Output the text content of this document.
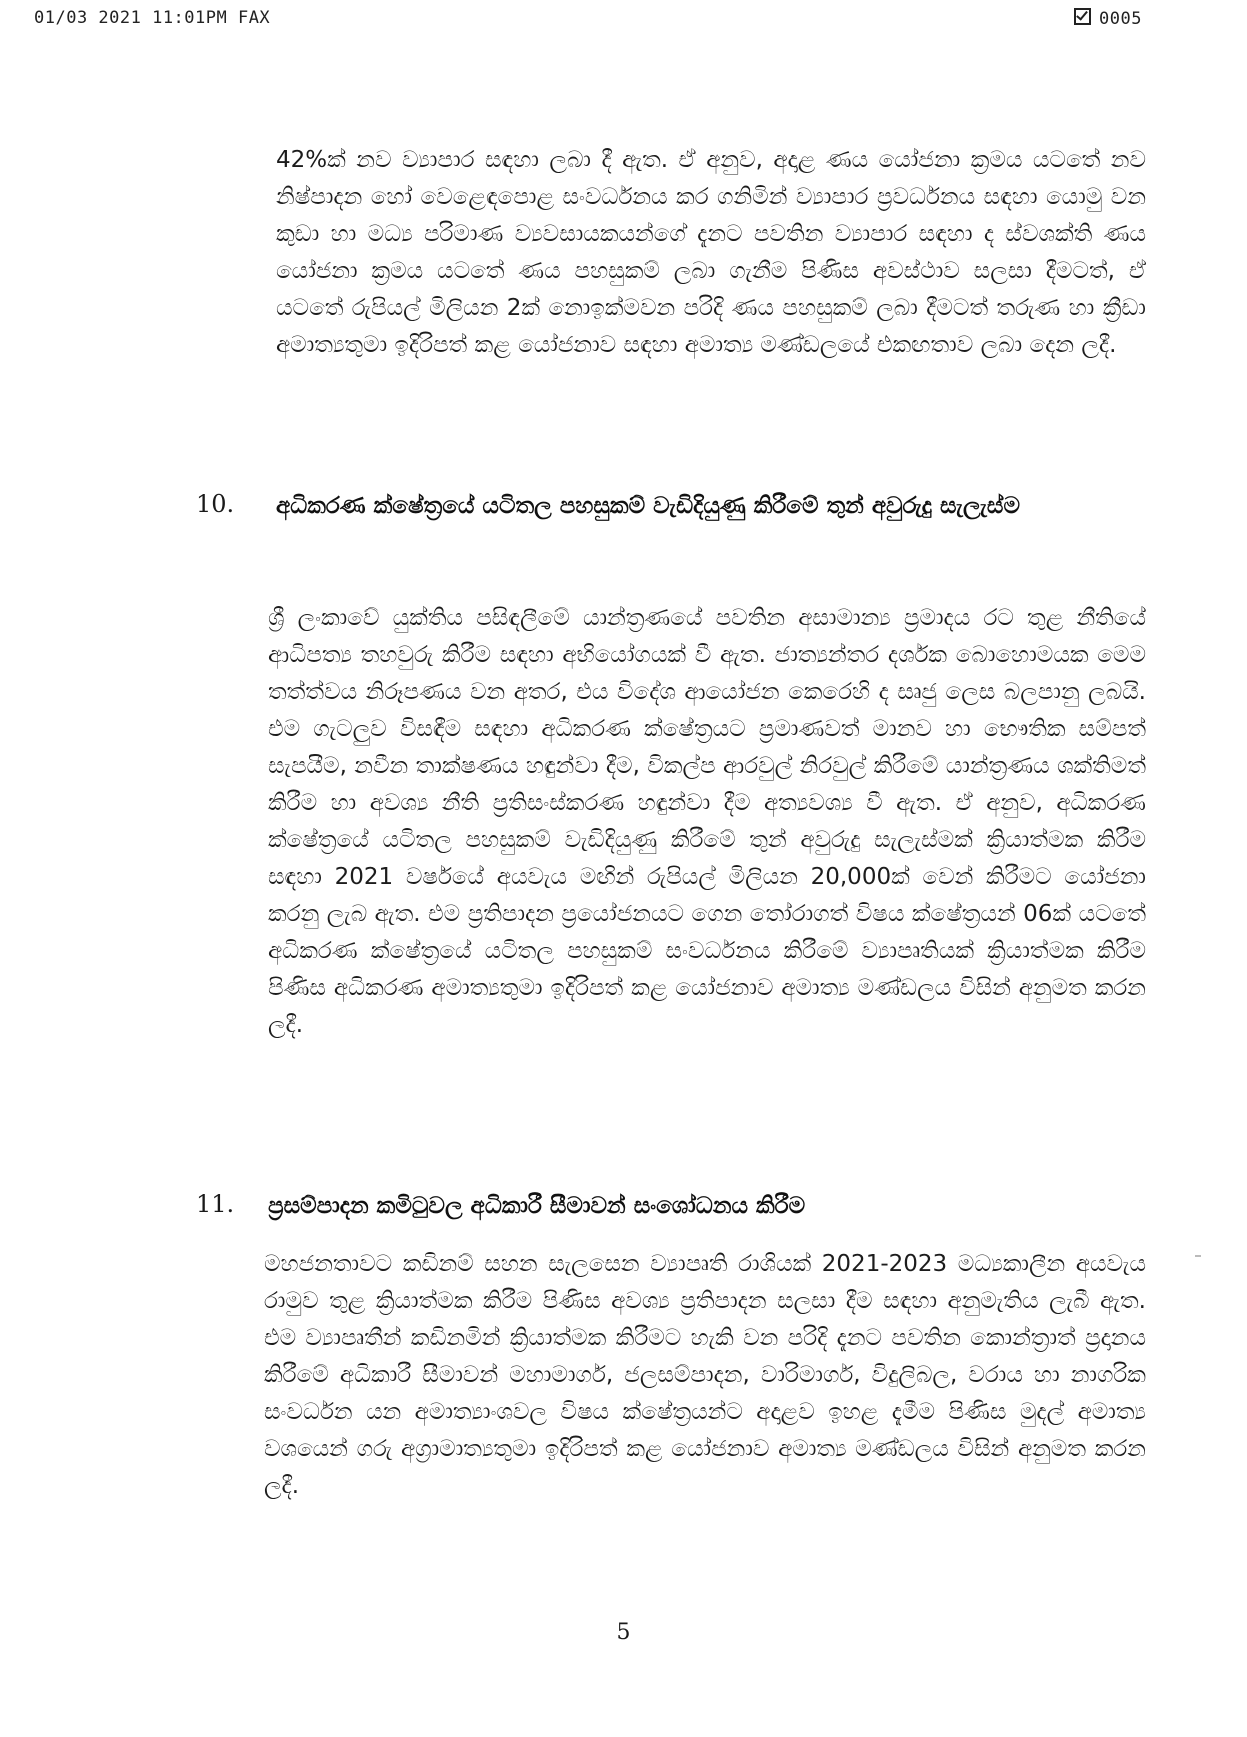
01/03 2021 11:01PM FAX	0005

42%ක් නව ව්‍යාපාර සඳහා ලබා දී ඇත. ඒ අනුව, අදාළ ණය යෝජනා ක්‍රමය යටතේ නව නිෂ්පාදන හෝ වෙළෙඳපොළ සංවර්ධනය කර ගනිමින් ව්‍යාපාර ප්‍රවර්ධනය සඳහා යොමු වන කුඩා හා මධ්‍ය පරිමාණ ව්‍යවසායකයන්ගේ දැනට පවතින ව්‍යාපාර සඳහා ද ස්වශක්ති ණය යෝජනා ක්‍රමය යටතේ ණය පහසුකම් ලබා ගැනීම පිණිස අවස්ථාව සලසා දීමටත්, ඒ යටතේ රුපියල් මිලියන 2ක් නොඉක්මවන පරිදි ණය පහසුකම් ලබා දීමටත් තරුණ හා ක්‍රීඩා අමාත්‍යතුමා ඉදිරිපත් කළ යෝජනාව සඳහා අමාත්‍ය මණ්ඩලයේ එකඟතාව ලබා දෙන ලදී.

10. අධිකරණ ක්ෂේත්‍රයේ යටිතල පහසුකම් වැඩිදියුණු කිරීමේ තුන් අවුරුදු සැලැස්ම

ශ්‍රී ලංකාවේ යුක්තිය පසිඳලීමේ යාන්ත්‍රණයේ පවතින අසාමාන්‍ය ප්‍රමාදය රට තුළ නීතියේ ආධිපත්‍ය තහවුරු කිරීම සඳහා අභියෝගයක් වී ඇත. ජාත්‍යන්තර දර්ශක බොහොමයක මෙම තත්ත්වය නිරූපණය වන අතර, එය විදේශ ආයෝජන කෙරෙහි ද සෘජු ලෙස බලපානු ලබයි. එම ගැටලුව විසඳීම සඳහා අධිකරණ ක්ෂේත්‍රයට ප්‍රමාණවත් මානව හා භෞතික සම්පත් සැපයීම, නවීන තාක්ෂණය හඳුන්වා දීම, විකල්ප ආරවුල් නිරවුල් කිරීමේ යාන්ත්‍රණය ශක්තිමත් කිරීම හා අවශ්‍ය නීති ප්‍රතිසංස්කරණ හඳුන්වා දීම අත්‍යවශ්‍ය වී ඇත. ඒ අනුව, අධිකරණ ක්ෂේත්‍රයේ යටිතල පහසුකම් වැඩිදියුණු කිරීමේ තුන් අවුරුදු සැලැස්මක් ක්‍රියාත්මක කිරීම සඳහා 2021 වර්ෂයේ අයවැය මඟින් රුපියල් මිලියන 20,000ක් වෙන් කිරීමට යෝජනා කරනු ලැබ ඇත. එම ප්‍රතිපාදන ප්‍රයෝජනයට ගෙන තෝරාගත් විෂය ක්ෂේත්‍රයන් 06ක් යටතේ අධිකරණ ක්ෂේත්‍රයේ යටිතල පහසුකම් සංවර්ධනය කිරීමේ ව්‍යාපෘතියක් ක්‍රියාත්මක කිරීම පිණිස අධිකරණ අමාත්‍යතුමා ඉදිරිපත් කළ යෝජනාව අමාත්‍ය මණ්ඩලය විසින් අනුමත කරන ලදී.

11. ප්‍රසම්පාදන කමිටුවල අධිකාරී සීමාවන් සංශෝධනය කිරීම

මහජනතාවට කඩිනම් සහන සැලසෙන ව්‍යාපෘති රාශියක් 2021-2023 මධ්‍යකාලීන අයවැය රාමුව තුළ ක්‍රියාත්මක කිරීම පිණිස අවශ්‍ය ප්‍රතිපාදන සලසා දීම සඳහා අනුමැතිය ලැබී ඇත. එම ව්‍යාපෘතීන් කඩිනමින් ක්‍රියාත්මක කිරීමට හැකි වන පරිදි දැනට පවතින කොන්ත්‍රාත් ප්‍රදානය කිරීමේ අධිකාරී සීමාවන් මහාමාර්ග, ජලසම්පාදන, වාරිමාර්ග, විදුලිබල, වරාය හා නාගරික සංවර්ධන යන අමාත්‍යාංශවල විෂය ක්ෂේත්‍රයන්ට අදාළව ඉහළ දැමීම පිණිස මුදල් අමාත්‍ය වශයෙන් ගරු අග්‍රාමාත්‍යතුමා ඉදිරිපත් කළ යෝජනාව අමාත්‍ය මණ්ඩලය විසින් අනුමත කරන ලදී.

5
